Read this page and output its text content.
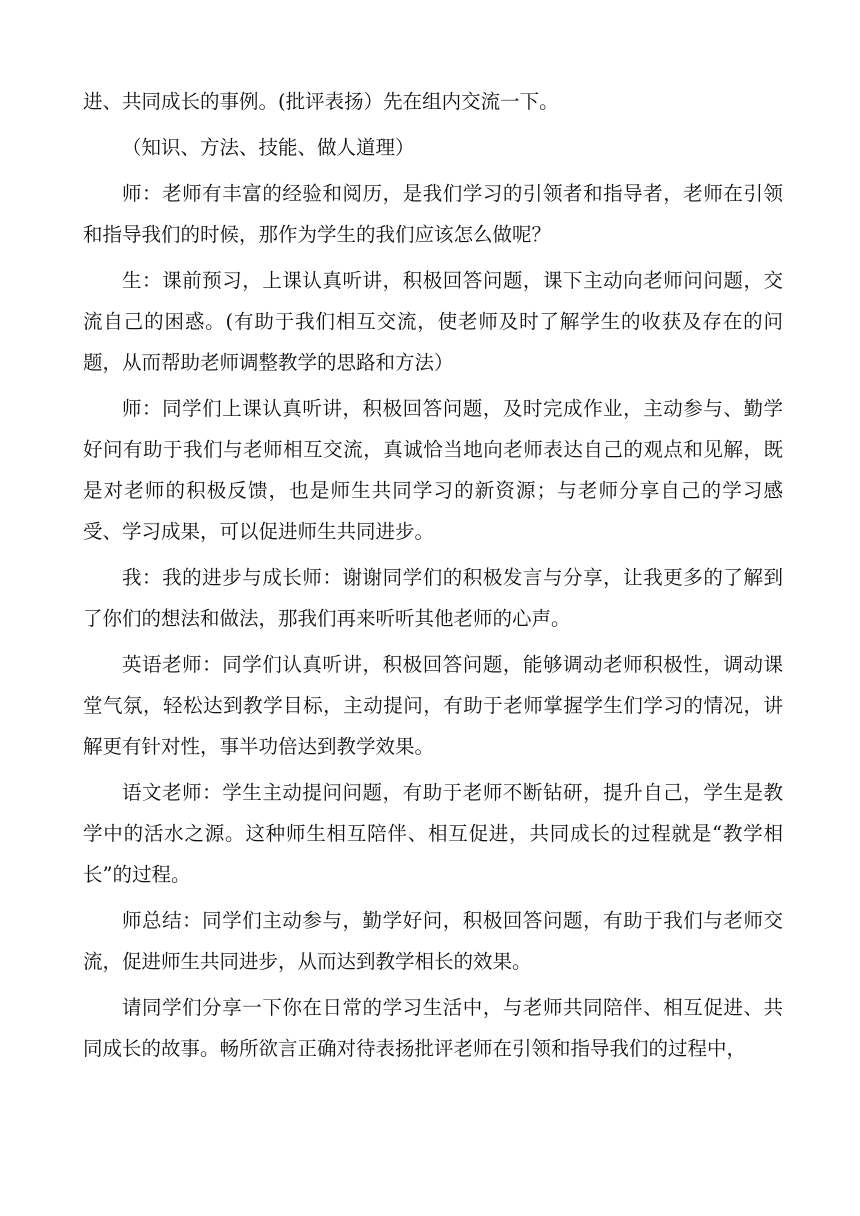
进、共同成长的事例。(批评表扬）先在组内交流一下。

（知识、方法、技能、做人道理）

师：老师有丰富的经验和阅历，是我们学习的引领者和指导者，老师在引领和指导我们的时候，那作为学生的我们应该怎么做呢？

生：课前预习，上课认真听讲，积极回答问题，课下主动向老师问问题，交流自己的困惑。(有助于我们相互交流，使老师及时了解学生的收获及存在的问题，从而帮助老师调整教学的思路和方法）

师：同学们上课认真听讲，积极回答问题，及时完成作业，主动参与、勤学好问有助于我们与老师相互交流，真诚恰当地向老师表达自己的观点和见解，既是对老师的积极反馈，也是师生共同学习的新资源；与老师分享自己的学习感受、学习成果，可以促进师生共同进步。

我：我的进步与成长师：谢谢同学们的积极发言与分享，让我更多的了解到了你们的想法和做法，那我们再来听听其他老师的心声。

英语老师：同学们认真听讲，积极回答问题，能够调动老师积极性，调动课堂气氛，轻松达到教学目标，主动提问，有助于老师掌握学生们学习的情况，讲解更有针对性，事半功倍达到教学效果。

语文老师：学生主动提问问题，有助于老师不断钻研，提升自己，学生是教学中的活水之源。这种师生相互陪伴、相互促进，共同成长的过程就是“教学相长”的过程。

师总结：同学们主动参与，勤学好问，积极回答问题，有助于我们与老师交流，促进师生共同进步，从而达到教学相长的效果。

请同学们分享一下你在日常的学习生活中，与老师共同陪伴、相互促进、共同成长的故事。畅所欲言正确对待表扬批评老师在引领和指导我们的过程中，
